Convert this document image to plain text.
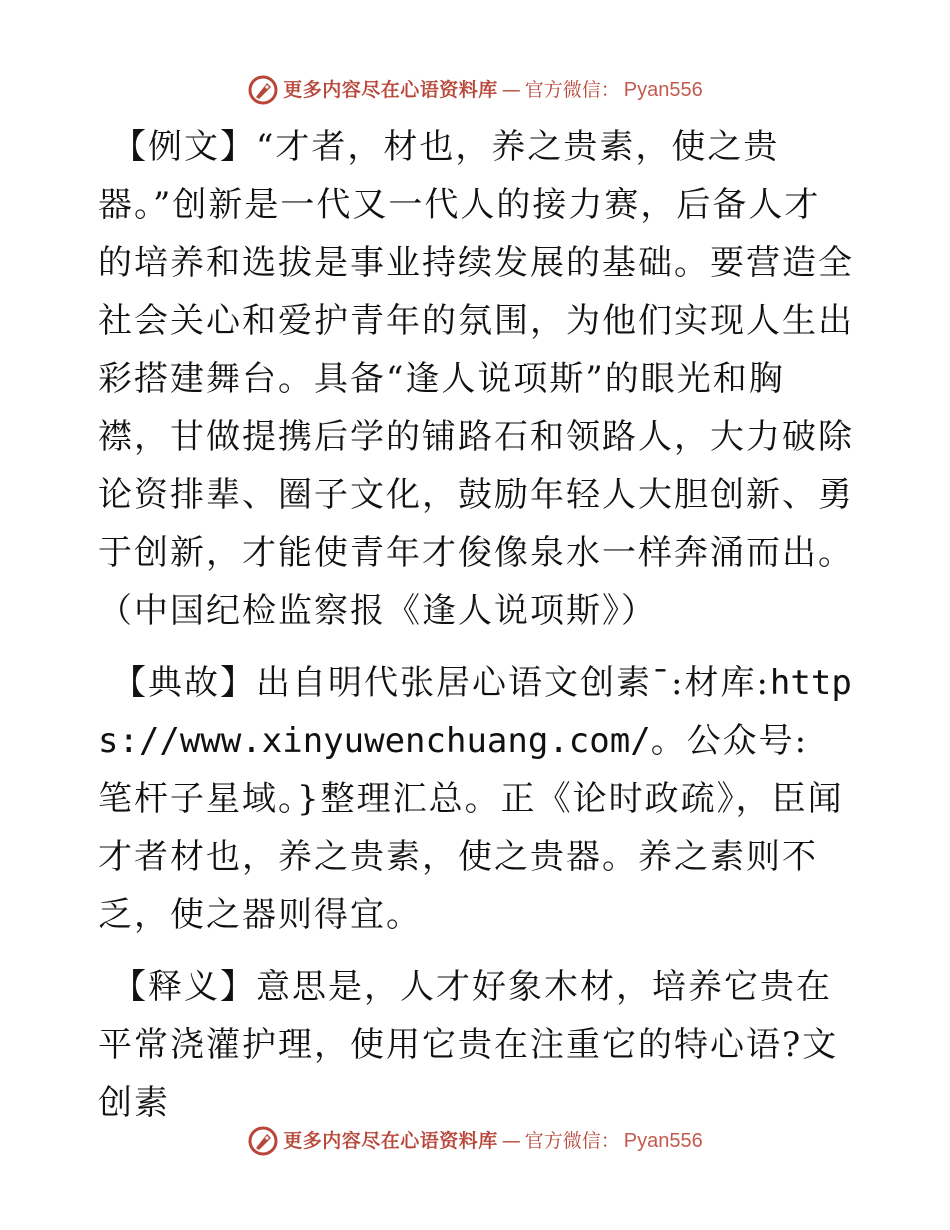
更多内容尽在心语资料库 — 官方微信： Pyan556

【例文】“才者，材也，养之贵素，使之贵器。”创新是一代又一代人的接力赛，后备人才的培养和选拔是事业持续发展的基础。要营造全社会关心和爱护青年的氛围，为他们实现人生出彩搭建舞台。具备“逢人说项斯”的眼光和胸襟，甘做提携后学的铺路石和领路人，大力破除论资排辈、圈子文化，鼓励年轻人大胆创新、勇于创新，才能使青年才俊像泉水一样奔涌而出。（中国纪检监察报《逢人说项斯》）

【典故】出自明代张居心语文创素¯:材库:https://www.xinyuwenchuang.com/。公众号: 笔杆子星域。}整理汇总。正《论时政疏》，臣闻才者材也，养之贵素，使之贵器。养之素则不乏，使之器则得宜。

【释义】意思是，人才好象木材，培养它贵在平常浇灌护理，使用它贵在注重它的特心语?文创素

更多内容尽在心语资料库 — 官方微信： Pyan556
